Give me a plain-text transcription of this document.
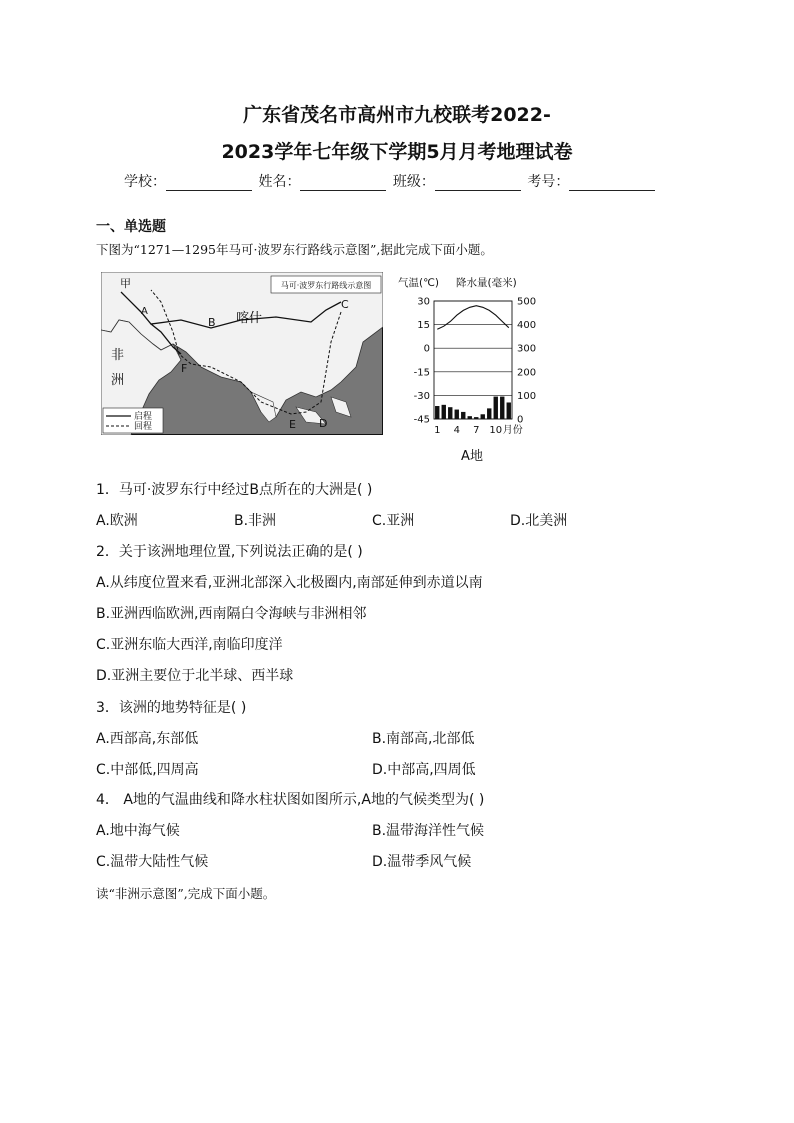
广东省茂名市高州市九校联考2022-
2023学年七年级下学期5月月考地理试卷
学校：	姓名：	班级：	考号：
一、单选题
下图为“1271—1295年马可·波罗东行路线示意图”,据此完成下面小题。
马可·波罗东行路线示意图
甲
A
B 喀什
C
F
E D
非
洲
启程
回程
气温(℃) 降水量(毫米)
30
15
0
-15
-30
-45
500
400
300
200
100
0
1 4 7 10 月份
A地
1．马可·波罗东行中经过B点所在的大洲是( )
A.欧洲	B.非洲	C.亚洲	D.北美洲
2．关于该洲地理位置,下列说法正确的是( )
A.从纬度位置来看,亚洲北部深入北极圈内,南部延伸到赤道以南
B.亚洲西临欧洲,西南隔白令海峡与非洲相邻
C.亚洲东临大西洋,南临印度洋
D.亚洲主要位于北半球、西半球
3．该洲的地势特征是( )
A.西部高,东部低	B.南部高,北部低
C.中部低,四周高	D.中部高,四周低
4． A地的气温曲线和降水柱状图如图所示,A地的气候类型为( )
A.地中海气候	B.温带海洋性气候
C.温带大陆性气候	D.温带季风气候
读“非洲示意图”,完成下面小题。
